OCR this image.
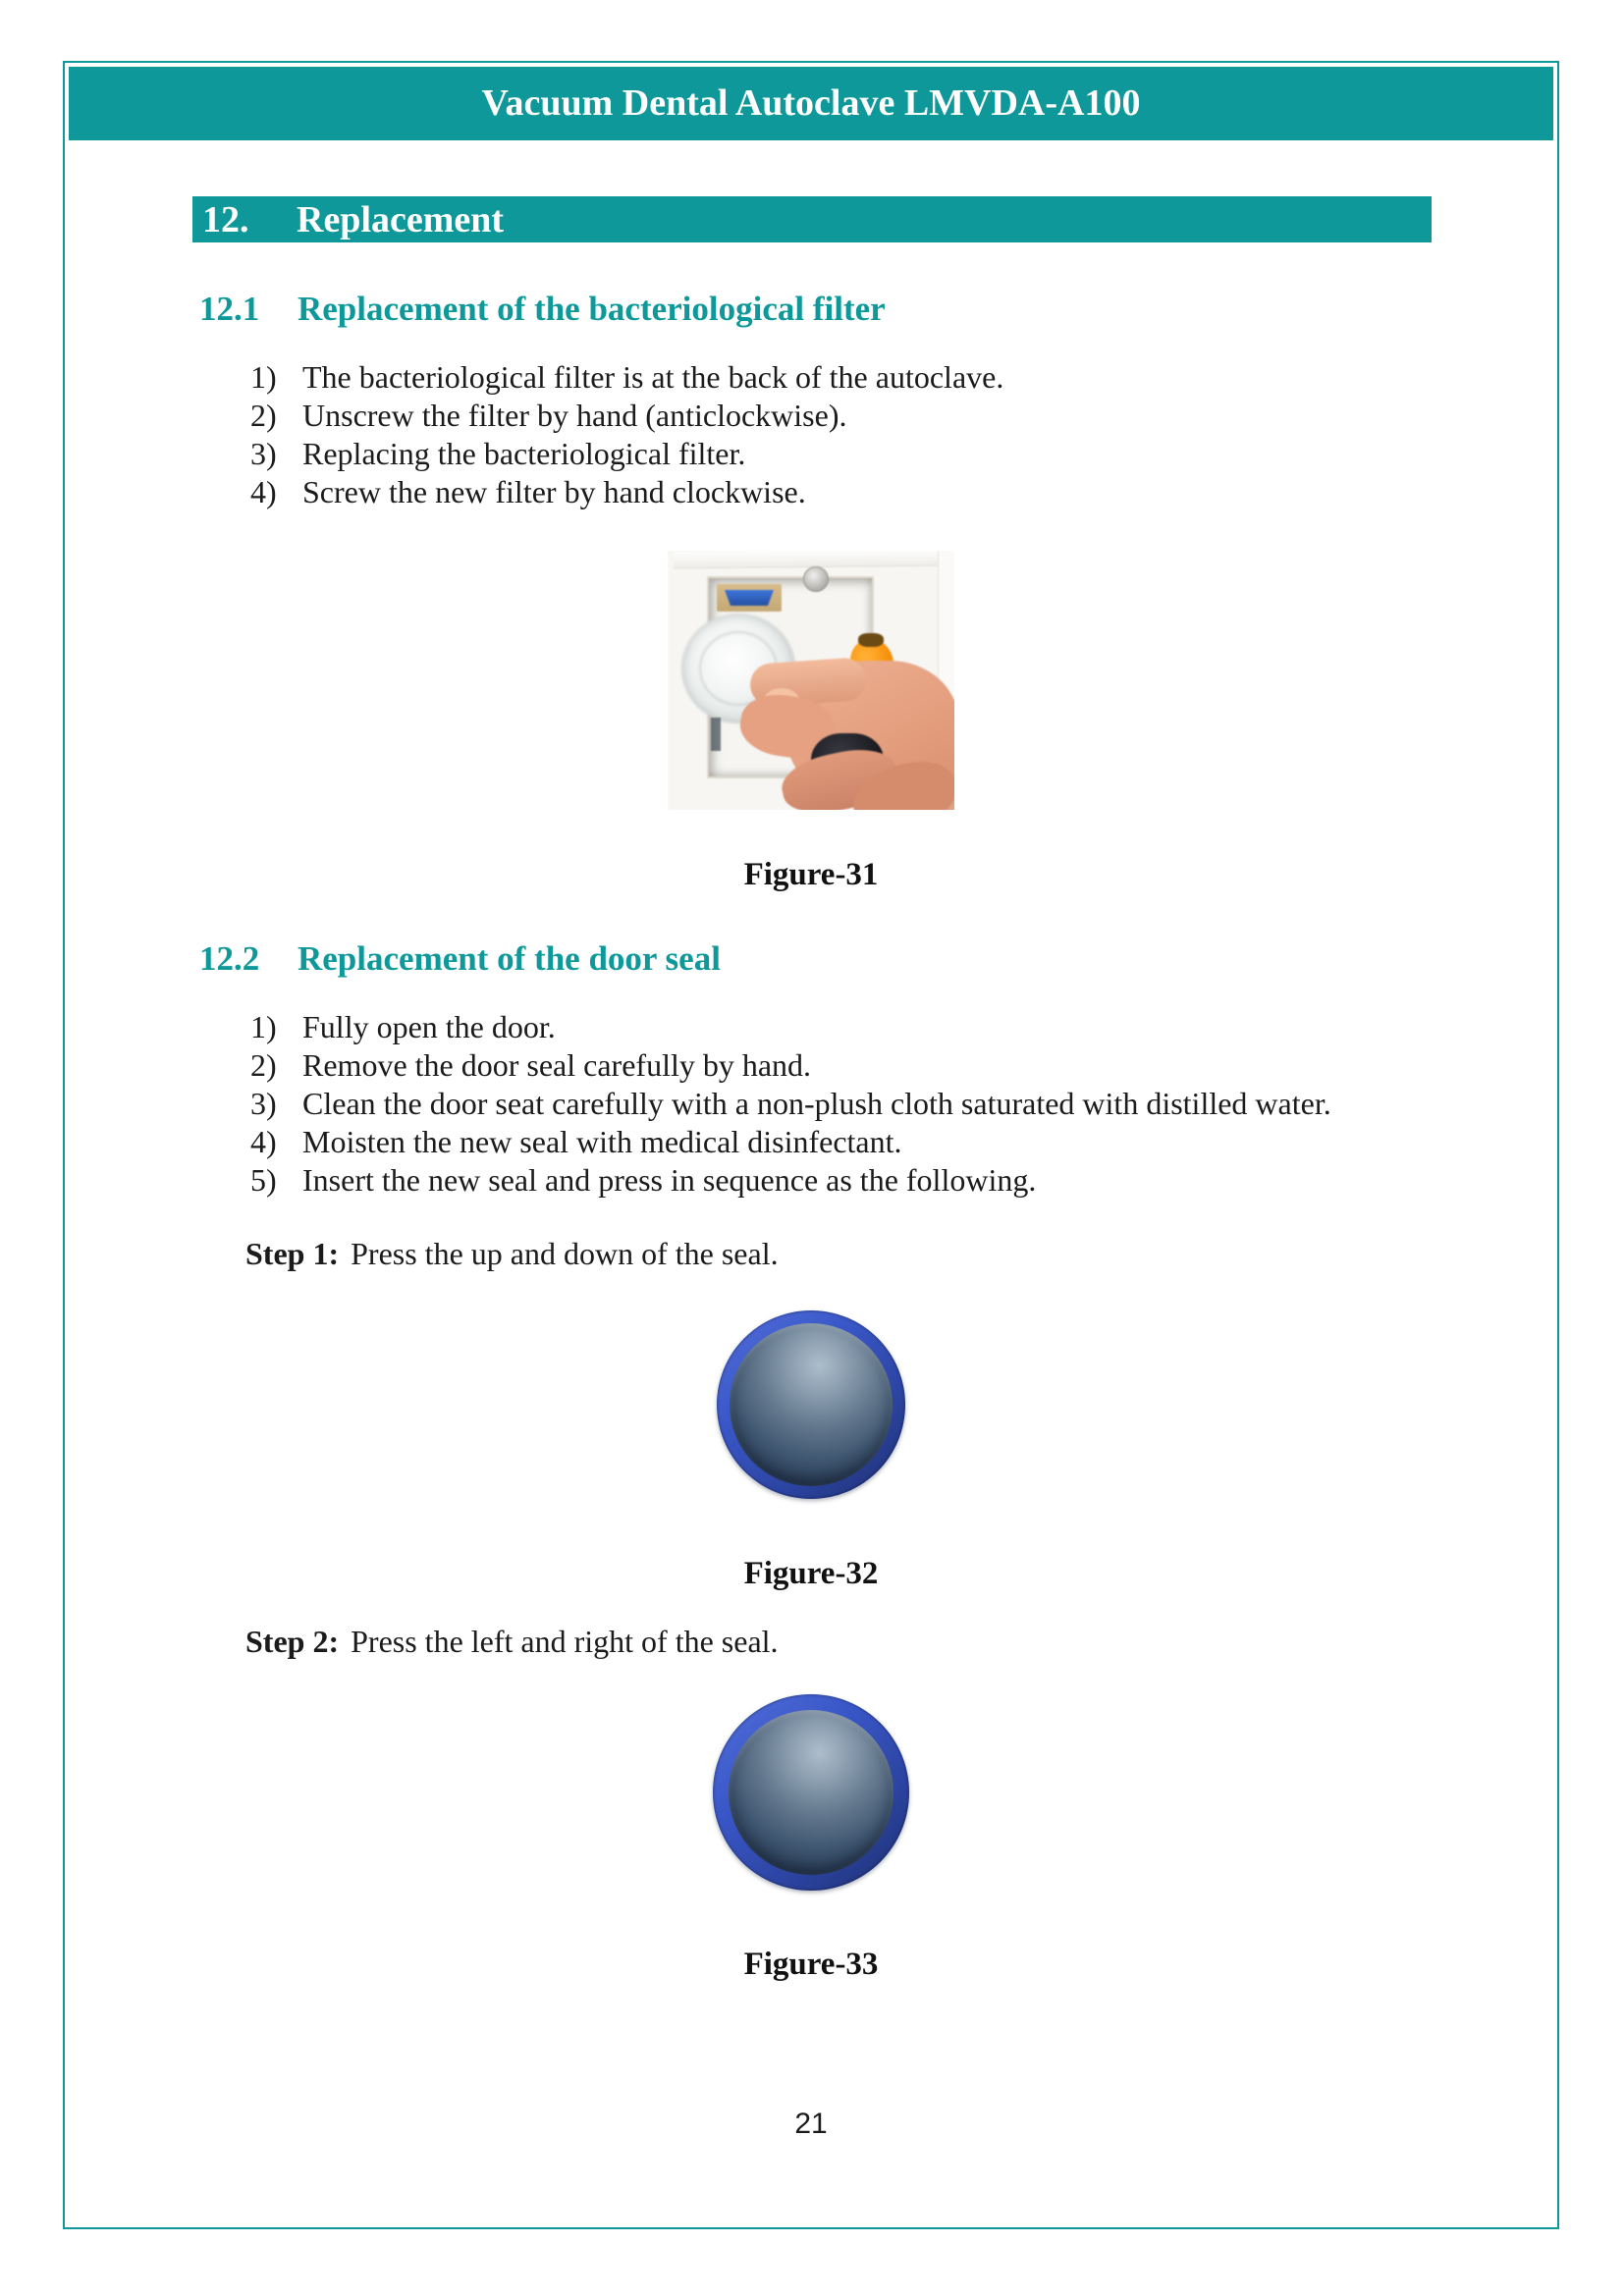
Vacuum Dental Autoclave LMVDA-A100
12.	Replacement
12.1	Replacement of the bacteriological filter
1) The bacteriological filter is at the back of the autoclave.
2) Unscrew the filter by hand (anticlockwise).
3) Replacing the bacteriological filter.
4) Screw the new filter by hand clockwise.
Figure-31
12.2	Replacement of the door seal
1) Fully open the door.
2) Remove the door seal carefully by hand.
3) Clean the door seat carefully with a non-plush cloth saturated with distilled water.
4) Moisten the new seal with medical disinfectant.
5) Insert the new seal and press in sequence as the following.
Step 1: Press the up and down of the seal.
Figure-32
Step 2: Press the left and right of the seal.
Figure-33
21
